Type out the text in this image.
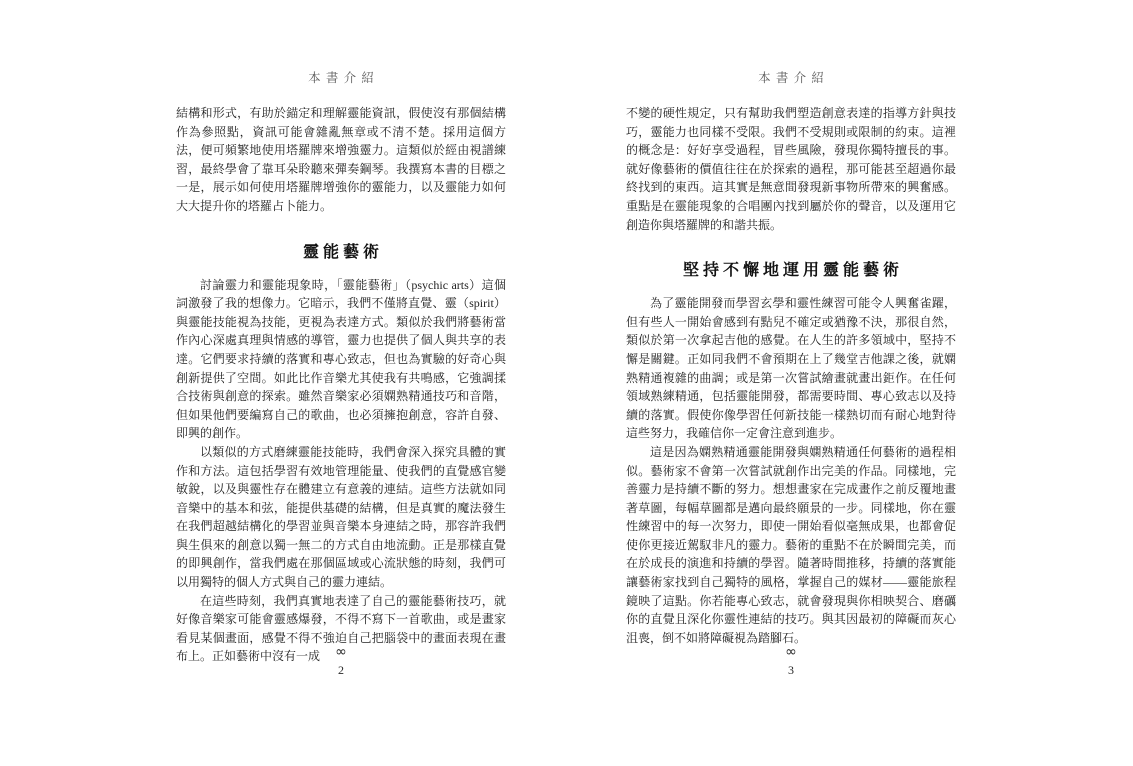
本書介紹

結構和形式，有助於錨定和理解靈能資訊，假使沒有那個結構作為參照點，資訊可能會雜亂無章或不清不楚。採用這個方法，便可頻繁地使用塔羅牌來增強靈力。這類似於經由視譜練習，最終學會了靠耳朵聆聽來彈奏鋼琴。我撰寫本書的目標之一是，展示如何使用塔羅牌增強你的靈能力，以及靈能力如何大大提升你的塔羅占卜能力。

靈能藝術

討論靈力和靈能現象時，「靈能藝術」（psychic arts）這個詞激發了我的想像力。它暗示，我們不僅將直覺、靈（spirit）與靈能技能視為技能，更視為表達方式。類似於我們將藝術當作內心深處真理與情感的導管，靈力也提供了個人與共享的表達。它們要求持續的落實和專心致志，但也為實驗的好奇心與創新提供了空間。如此比作音樂尤其使我有共鳴感，它強調揉合技術與創意的探索。雖然音樂家必須嫻熟精通技巧和音階，但如果他們要編寫自己的歌曲，也必須擁抱創意，容許自發、即興的創作。

以類似的方式磨練靈能技能時，我們會深入探究具體的實作和方法。這包括學習有效地管理能量、使我們的直覺感官變敏銳，以及與靈性存在體建立有意義的連結。這些方法就如同音樂中的基本和弦，能提供基礎的結構，但是真實的魔法發生在我們超越結構化的學習並與音樂本身連結之時，那容許我們與生俱來的創意以獨一無二的方式自由地流動。正是那樣直覺的即興創作，當我們處在那個區域或心流狀態的時刻，我們可以用獨特的個人方式與自己的靈力連結。

在這些時刻，我們真實地表達了自己的靈能藝術技巧，就好像音樂家可能會靈感爆發，不得不寫下一首歌曲，或是畫家看見某個畫面，感覺不得不強迫自己把腦袋中的畫面表現在畫布上。正如藝術中沒有一成	∞
2
本書介紹

不變的硬性規定，只有幫助我們塑造創意表達的指導方針與技巧，靈能力也同樣不受限。我們不受規則或限制的約束。這裡的概念是：好好享受過程，冒些風險，發現你獨特擅長的事。就好像藝術的價值往往在於探索的過程，那可能甚至超過你最終找到的東西。這其實是無意間發現新事物所帶來的興奮感。重點是在靈能現象的合唱團內找到屬於你的聲音，以及運用它創造你與塔羅牌的和諧共振。

堅持不懈地運用靈能藝術

為了靈能開發而學習玄學和靈性練習可能令人興奮雀躍，但有些人一開始會感到有點兒不確定或猶豫不決，那很自然，類似於第一次拿起吉他的感覺。在人生的許多領域中，堅持不懈是關鍵。正如同我們不會預期在上了幾堂吉他課之後，就嫻熟精通複雜的曲調；或是第一次嘗試繪畫就畫出鉅作。在任何領域熟練精通，包括靈能開發，都需要時間、專心致志以及持續的落實。假使你像學習任何新技能一樣熱切而有耐心地對待這些努力，我確信你一定會注意到進步。

這是因為嫻熟精通靈能開發與嫻熟精通任何藝術的過程相似。藝術家不會第一次嘗試就創作出完美的作品。同樣地，完善靈力是持續不斷的努力。想想畫家在完成畫作之前反覆地畫著草圖，每幅草圖都是邁向最終願景的一步。同樣地，你在靈性練習中的每一次努力，即使一開始看似毫無成果，也都會促使你更接近駕馭非凡的靈力。藝術的重點不在於瞬間完美，而在於成長的演進和持續的學習。隨著時間推移，持續的落實能讓藝術家找到自己獨特的風格，掌握自己的媒材——靈能旅程鏡映了這點。你若能專心致志，就會發現與你相映契合、磨礪你的直覺且深化你靈性連結的技巧。與其因最初的障礙而灰心沮喪，倒不如將障礙視為踏腳石。

∞
3
